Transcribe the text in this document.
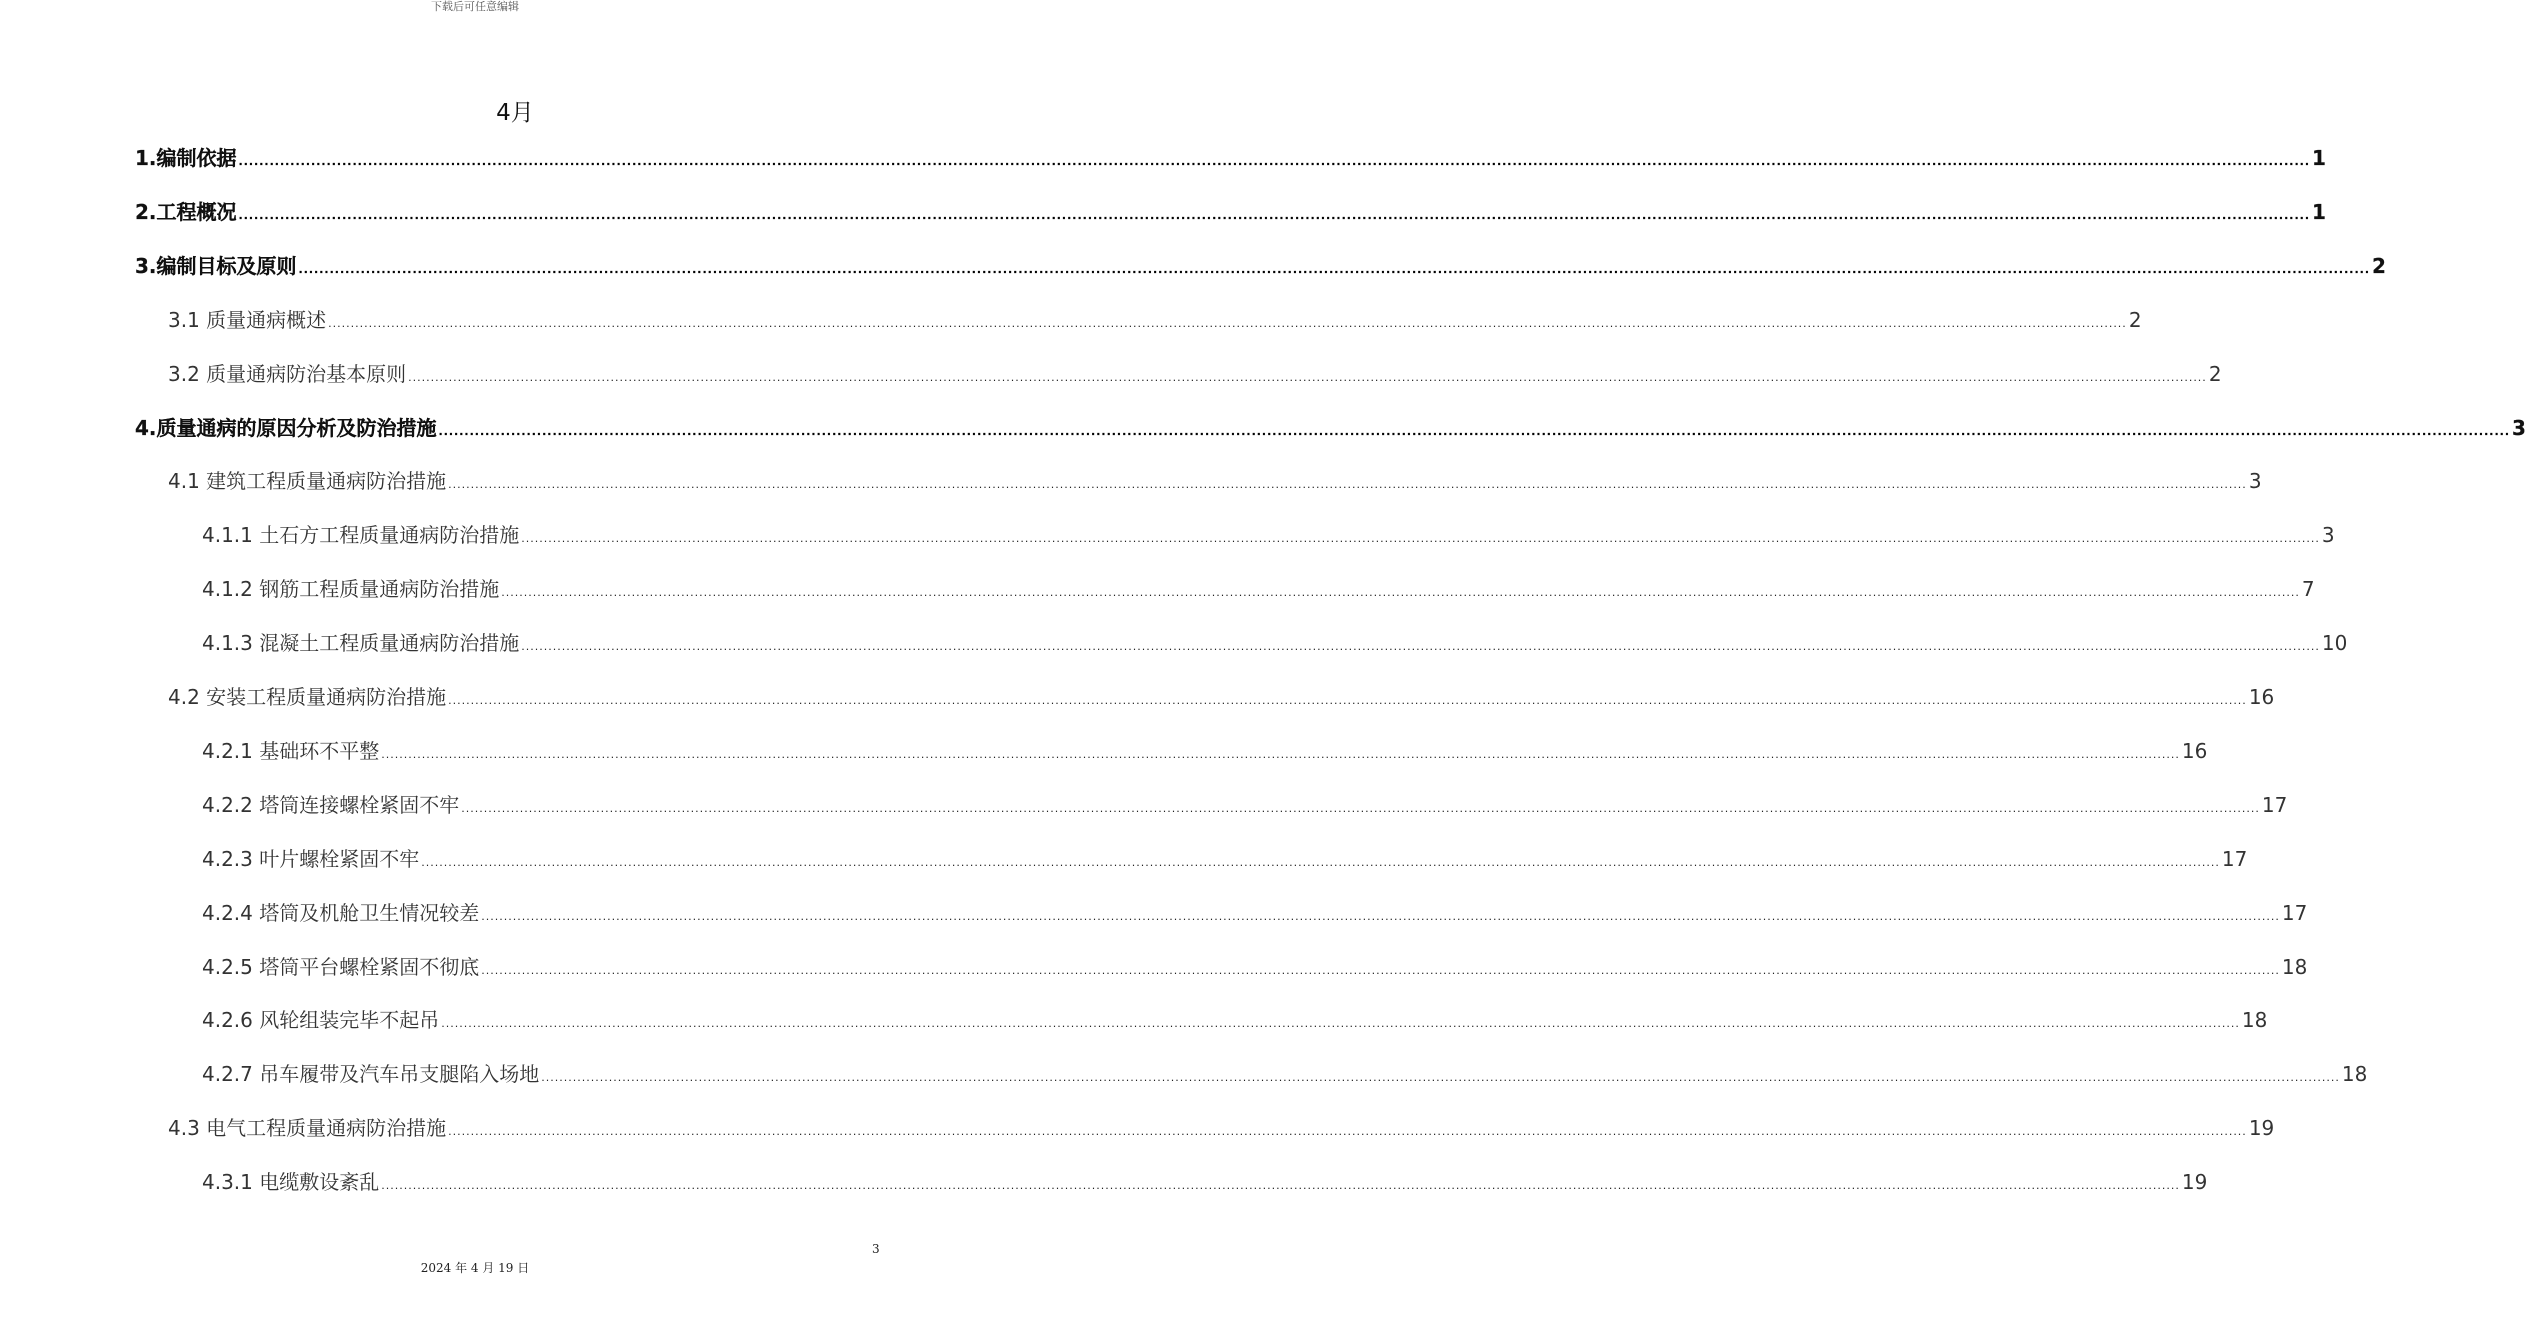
下载后可任意编辑
4月
1.编制依据 ................................................................................................................................................................................................................................................................................................................................................................................................................ 1
2.工程概况 ................................................................................................................................................................................................................................................................................................................................................................................................................ 1
3.编制目标及原则 ................................................................................................................................................................................................................................................................................................................................................................................................................ 2
3.1 质量通病概述 ................................................................................................................................................................................................................................................................................................................................................................................................................ 2
3.2 质量通病防治基本原则 ................................................................................................................................................................................................................................................................................................................................................................................................................ 2
4.质量通病的原因分析及防治措施 ................................................................................................................................................................................................................................................................................................................................................................................................................ 3
4.1 建筑工程质量通病防治措施 ................................................................................................................................................................................................................................................................................................................................................................................................................ 3
4.1.1 土石方工程质量通病防治措施 ................................................................................................................................................................................................................................................................................................................................................................................................................ 3
4.1.2 钢筋工程质量通病防治措施 ................................................................................................................................................................................................................................................................................................................................................................................................................ 7
4.1.3 混凝土工程质量通病防治措施 ................................................................................................................................................................................................................................................................................................................................................................................................................ 10
4.2 安装工程质量通病防治措施 ................................................................................................................................................................................................................................................................................................................................................................................................................ 16
4.2.1 基础环不平整 ................................................................................................................................................................................................................................................................................................................................................................................................................ 16
4.2.2 塔筒连接螺栓紧固不牢 ................................................................................................................................................................................................................................................................................................................................................................................................................ 17
4.2.3 叶片螺栓紧固不牢 ................................................................................................................................................................................................................................................................................................................................................................................................................ 17
4.2.4 塔筒及机舱卫生情况较差 ................................................................................................................................................................................................................................................................................................................................................................................................................ 17
4.2.5 塔筒平台螺栓紧固不彻底 ................................................................................................................................................................................................................................................................................................................................................................................................................ 18
4.2.6 风轮组装完毕不起吊 ................................................................................................................................................................................................................................................................................................................................................................................................................ 18
4.2.7 吊车履带及汽车吊支腿陷入场地 ................................................................................................................................................................................................................................................................................................................................................................................................................ 18
4.3 电气工程质量通病防治措施 ................................................................................................................................................................................................................................................................................................................................................................................................................ 19
4.3.1 电缆敷设紊乱 ................................................................................................................................................................................................................................................................................................................................................................................................................ 19
3
2024 年 4 月 19 日
